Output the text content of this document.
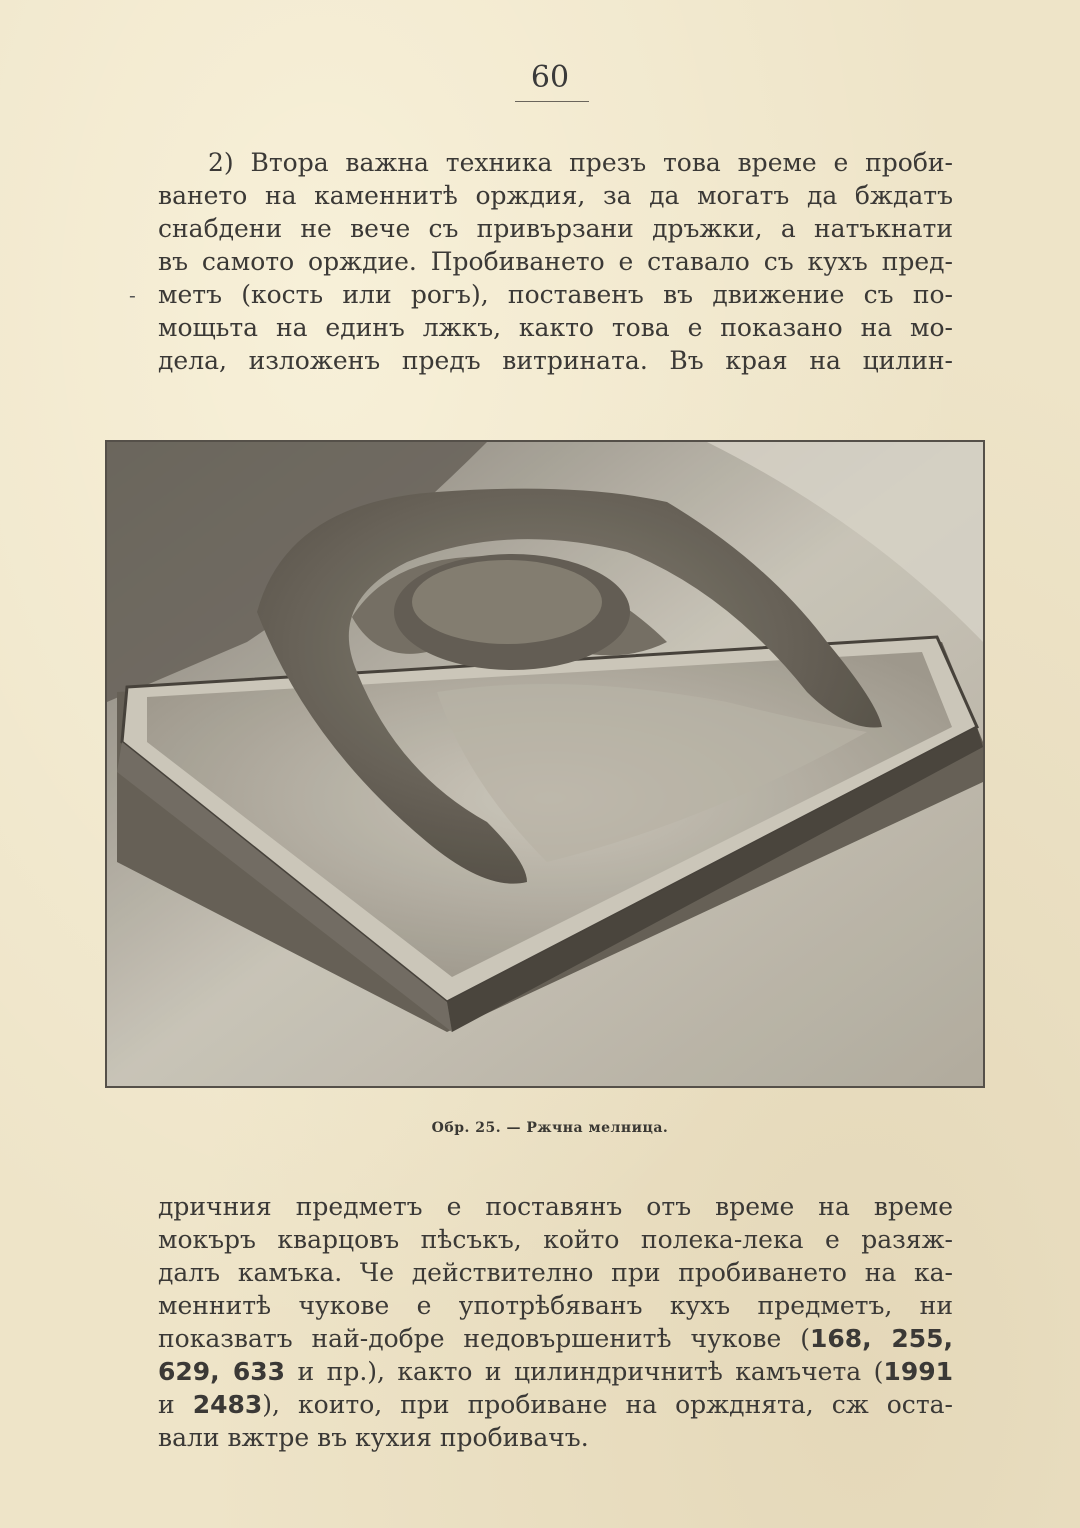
60
-
2) Втора важна техника презъ това време е проби-
ването на каменнитѣ орждия, за да могатъ да бждатъ
снабдени не вече съ привързани дръжки, а натъкнати
въ самото орждие. Пробиването е ставало съ кухъ пред-
метъ (кость или рогъ), поставенъ въ движение съ по-
мощьта на единъ лжкъ, както това е показано на мо-
дела, изложенъ предъ витрината. Въ края на цилин-
Обр. 25. — Ржчна мелница.
дричния предметъ е поставянъ отъ време на време
мокъръ кварцовъ пѣсъкъ, който полека-лека е разяж-
далъ камъка. Че действително при пробиването на ка-
меннитѣ чукове е употрѣбяванъ кухъ предметъ, ни
показватъ най-добре недовършенитѣ чукове (168, 255,
629, 633 и пр.), както и цилиндричнитѣ камъчета (1991
и 2483), които, при пробиване на оржднята, сж оста-
вали вжтре въ кухия пробивачъ.
